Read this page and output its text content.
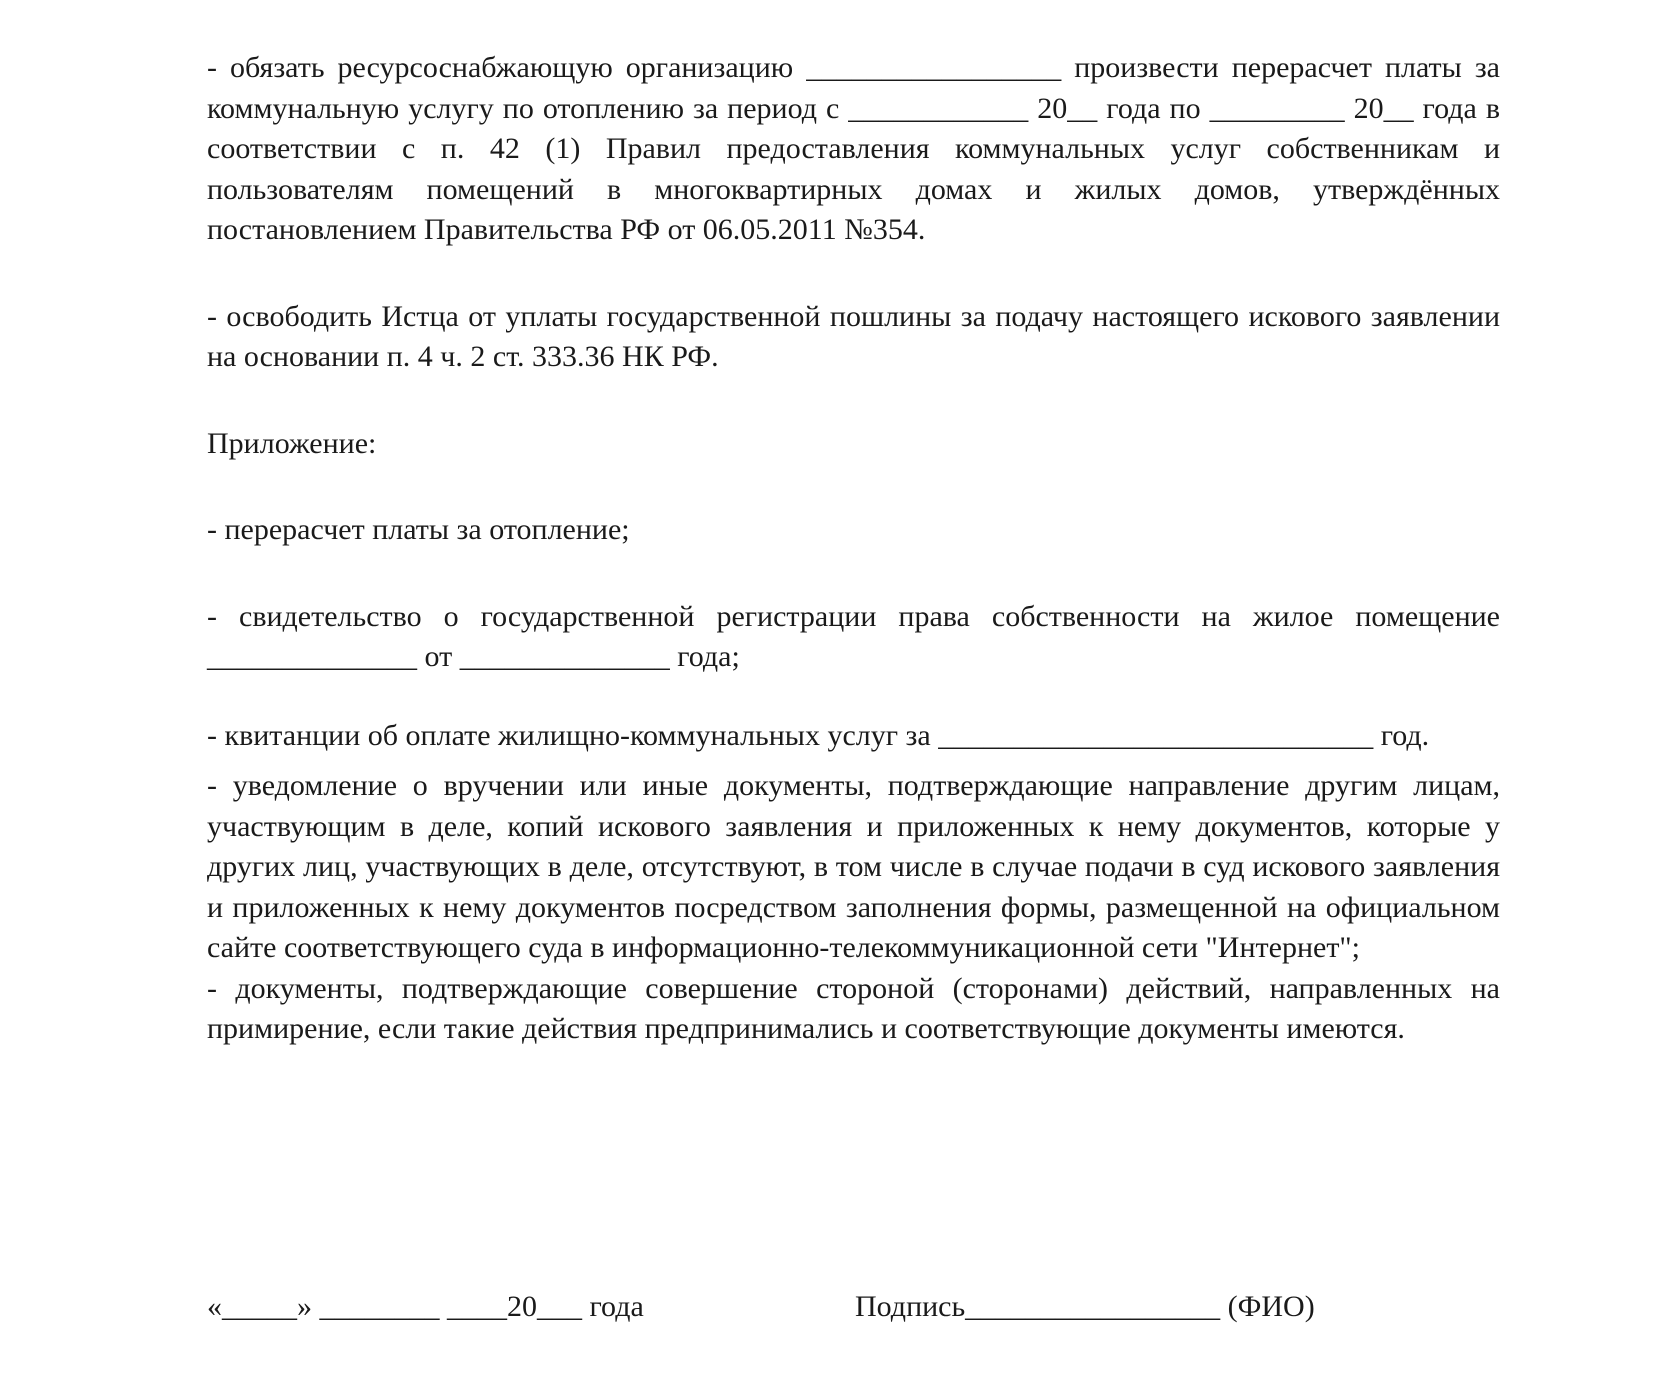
- обязать ресурсоснабжающую организацию _________________ произвести перерасчет платы за коммунальную услугу по отоплению за период с ____________ 20__ года по _________ 20__ года в соответствии с п. 42 (1) Правил предоставления коммунальных услуг собственникам и пользователям помещений в многоквартирных домах и жилых домов, утверждённых постановлением Правительства РФ от 06.05.2011 №354.

- освободить Истца от уплаты государственной пошлины за подачу настоящего искового заявлении на основании п. 4 ч. 2 ст. 333.36 НК РФ.

Приложение:

- перерасчет платы за отопление;

- свидетельство о государственной регистрации права собственности на жилое помещение ______________ от ______________ года;

- квитанции об оплате жилищно-коммунальных услуг за _____________________________ год.

- уведомление о вручении или иные документы, подтверждающие направление другим лицам, участвующим в деле, копий искового заявления и приложенных к нему документов, которые у других лиц, участвующих в деле, отсутствуют, в том числе в случае подачи в суд искового заявления и приложенных к нему документов посредством заполнения формы, размещенной на официальном сайте соответствующего суда в информационно-телекоммуникационной сети "Интернет";

- документы, подтверждающие совершение стороной (сторонами) действий, направленных на примирение, если такие действия предпринимались и соответствующие документы имеются.

«_____» ________ ____20___ года	Подпись_________________ (ФИО)
